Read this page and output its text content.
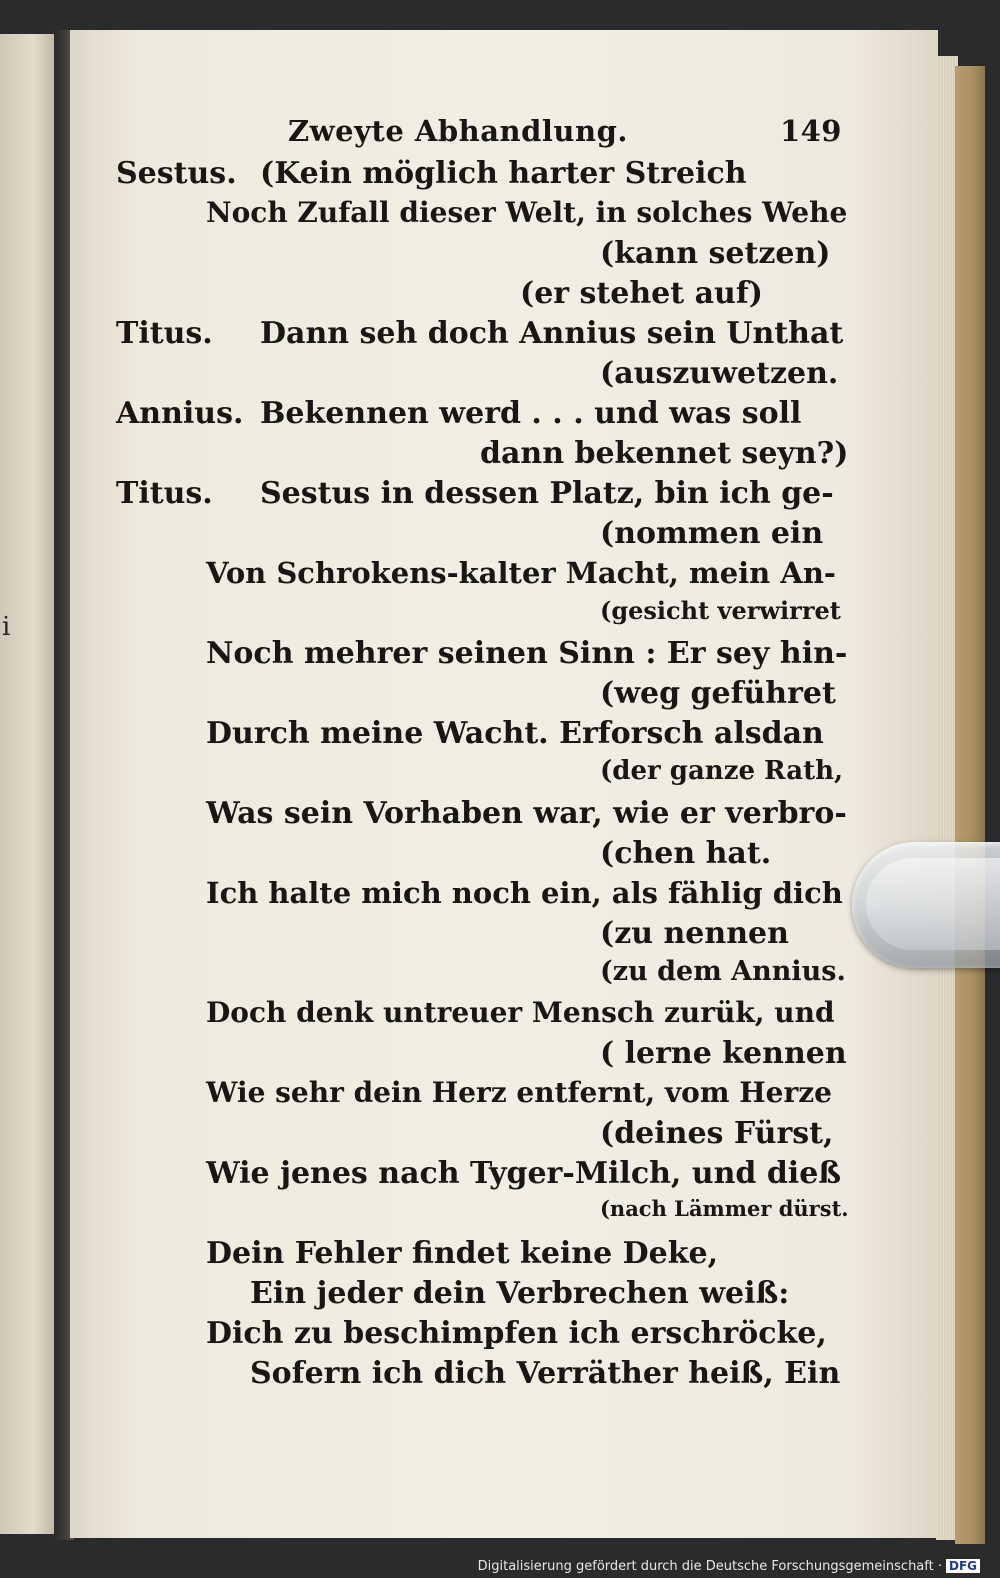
i
Zweyte Abhandlung.	149
Sestus. (Kein möglich harter Streich
Noch Zufall dieser Welt, in solches Wehe
(kann setzen)
(er stehet auf)
Titus. Dann seh doch Annius sein Unthat
(auszuwetzen.
Annius. Bekennen werd . . . und was soll
dann bekennet seyn?)
Titus. Sestus in dessen Platz, bin ich ge-
(nommen ein
Von Schrokens-kalter Macht, mein An-
(gesicht verwirret
Noch mehrer seinen Sinn : Er sey hin-
(weg geführet
Durch meine Wacht. Erforsch alsdan
(der ganze Rath,
Was sein Vorhaben war, wie er verbro-
(chen hat.
Ich halte mich noch ein, als fählig dich
(zu nennen
(zu dem Annius.
Doch denk untreuer Mensch zurük, und
( lerne kennen
Wie sehr dein Herz entfernt, vom Herze
(deines Fürst,
Wie jenes nach Tyger-Milch, und dieß
(nach Lämmer dürst.
Dein Fehler findet keine Deke,
Ein jeder dein Verbrechen weiß:
Dich zu beschimpfen ich erschröcke,
Sofern ich dich Verräther heiß, Ein
Digitalisierung gefördert durch die Deutsche Forschungsgemeinschaft · DFG
